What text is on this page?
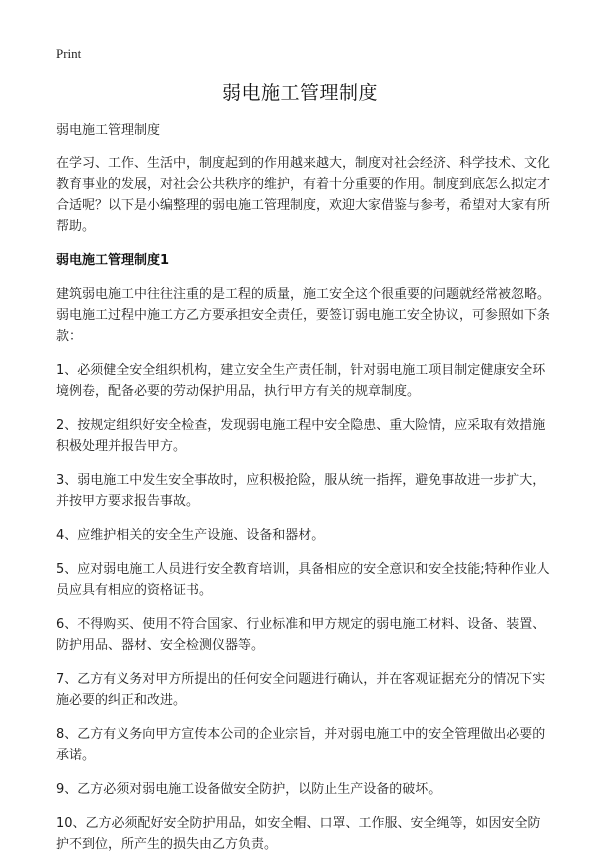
Print
弱电施工管理制度

弱电施工管理制度

在学习、工作、生活中，制度起到的作用越来越大，制度对社会经济、科学技术、文化教育事业的发展，对社会公共秩序的维护，有着十分重要的作用。制度到底怎么拟定才合适呢？以下是小编整理的弱电施工管理制度，欢迎大家借鉴与参考，希望对大家有所帮助。

弱电施工管理制度1

建筑弱电施工中往往注重的是工程的质量，施工安全这个很重要的问题就经常被忽略。弱电施工过程中施工方乙方要承担安全责任，要签订弱电施工安全协议，可参照如下条款：

1、必须健全安全组织机构，建立安全生产责任制，针对弱电施工项目制定健康安全环境例卷，配备必要的劳动保护用品，执行甲方有关的规章制度。
2、按规定组织好安全检查，发现弱电施工程中安全隐患、重大险情，应采取有效措施积极处理并报告甲方。
3、弱电施工中发生安全事故时，应积极抢险，服从统一指挥，避免事故进一步扩大，并按甲方要求报告事故。
4、应维护相关的安全生产设施、设备和器材。
5、应对弱电施工人员进行安全教育培训，具备相应的安全意识和安全技能;特种作业人员应具有相应的资格证书。
6、不得购买、使用不符合国家、行业标准和甲方规定的弱电施工材料、设备、装置、防护用品、器材、安全检测仪器等。
7、乙方有义务对甲方所提出的任何安全问题进行确认，并在客观证据充分的情况下实施必要的纠正和改进。
8、乙方有义务向甲方宣传本公司的企业宗旨，并对弱电施工中的安全管理做出必要的承诺。
9、乙方必须对弱电施工设备做安全防护，以防止生产设备的破坏。
10、乙方必须配好安全防护用品，如安全帽、口罩、工作服、安全绳等，如因安全防护不到位，所产生的损失由乙方负责。
